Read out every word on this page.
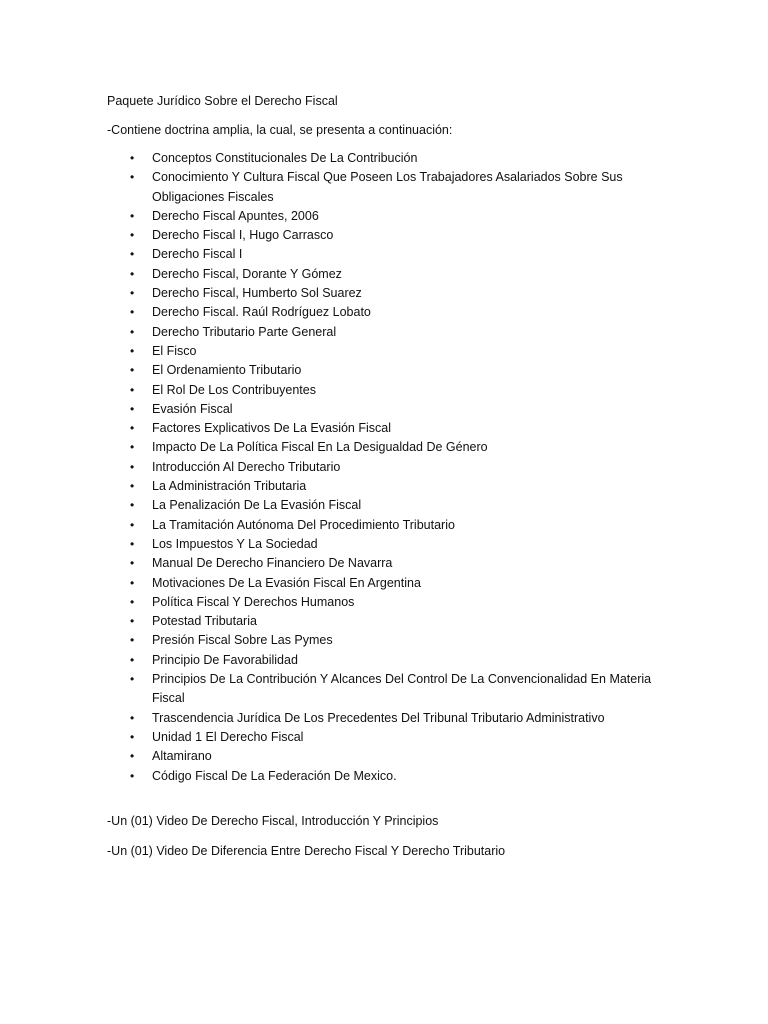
Paquete Jurídico Sobre el Derecho Fiscal
-Contiene doctrina amplia, la cual, se presenta a continuación:
• Conceptos Constitucionales De La Contribución
• Conocimiento Y Cultura Fiscal Que Poseen Los Trabajadores Asalariados Sobre Sus Obligaciones Fiscales
• Derecho Fiscal Apuntes, 2006
• Derecho Fiscal I, Hugo Carrasco
• Derecho Fiscal I
• Derecho Fiscal, Dorante Y Gómez
• Derecho Fiscal, Humberto Sol Suarez
• Derecho Fiscal. Raúl Rodríguez Lobato
• Derecho Tributario Parte General
• El Fisco
• El Ordenamiento Tributario
• El Rol De Los Contribuyentes
• Evasión Fiscal
• Factores Explicativos De La Evasión Fiscal
• Impacto De La Política Fiscal En La Desigualdad De Género
• Introducción Al Derecho Tributario
• La Administración Tributaria
• La Penalización De La Evasión Fiscal
• La Tramitación Autónoma Del Procedimiento Tributario
• Los Impuestos Y La Sociedad
• Manual De Derecho Financiero De Navarra
• Motivaciones De La Evasión Fiscal En Argentina
• Política Fiscal Y Derechos Humanos
• Potestad Tributaria
• Presión Fiscal Sobre Las Pymes
• Principio De Favorabilidad
• Principios De La Contribución Y Alcances Del Control De La Convencionalidad En Materia Fiscal
• Trascendencia Jurídica De Los Precedentes Del Tribunal Tributario Administrativo
• Unidad 1 El Derecho Fiscal
• Altamirano
• Código Fiscal De La Federación De Mexico.
-Un (01) Video De Derecho Fiscal, Introducción Y Principios
-Un (01) Video De Diferencia Entre Derecho Fiscal Y Derecho Tributario
